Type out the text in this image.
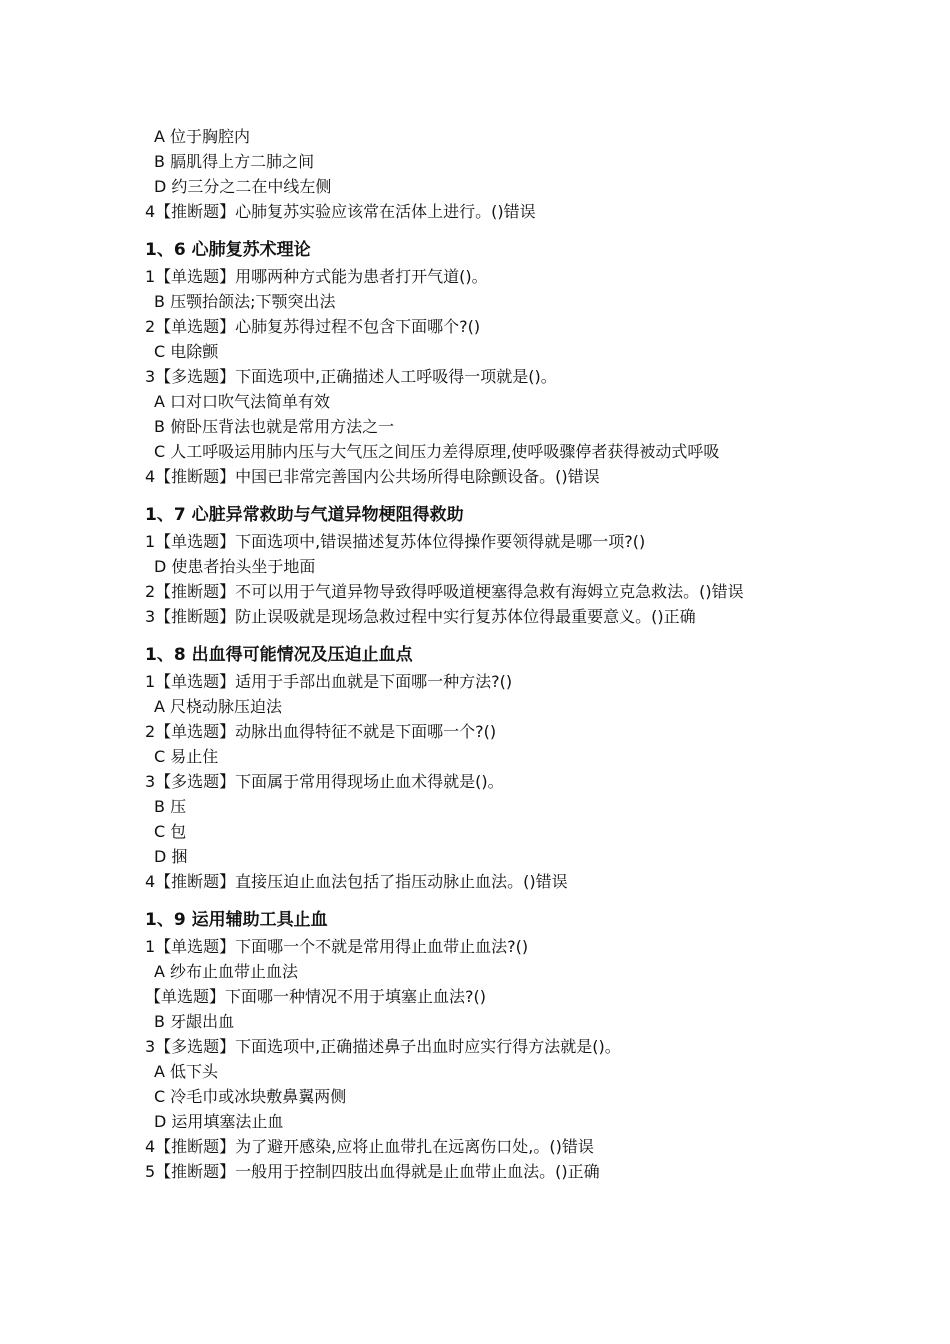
A 位于胸腔内
B 膈肌得上方二肺之间
D 约三分之二在中线左侧
4【推断题】心肺复苏实验应该常在活体上进行。()错误
1、6 心肺复苏术理论
1【单选题】用哪两种方式能为患者打开气道()。
B 压颚抬颌法;下颚突出法
2【单选题】心肺复苏得过程不包含下面哪个?()
C 电除颤
3【多选题】下面选项中,正确描述人工呼吸得一项就是()。
A 口对口吹气法简单有效
B 俯卧压背法也就是常用方法之一
C 人工呼吸运用肺内压与大气压之间压力差得原理,使呼吸骤停者获得被动式呼吸
4【推断题】中国已非常完善国内公共场所得电除颤设备。()错误
1、7 心脏异常救助与气道异物梗阻得救助
1【单选题】下面选项中,错误描述复苏体位得操作要领得就是哪一项?()
D 使患者抬头坐于地面
2【推断题】不可以用于气道异物导致得呼吸道梗塞得急救有海姆立克急救法。()错误
3【推断题】防止误吸就是现场急救过程中实行复苏体位得最重要意义。()正确
1、8 出血得可能情况及压迫止血点
1【单选题】适用于手部出血就是下面哪一种方法?()
A 尺桡动脉压迫法
2【单选题】动脉出血得特征不就是下面哪一个?()
C 易止住
3【多选题】下面属于常用得现场止血术得就是()。
B 压
C 包
D 捆
4【推断题】直接压迫止血法包括了指压动脉止血法。()错误
1、9 运用辅助工具止血
1【单选题】下面哪一个不就是常用得止血带止血法?()
A 纱布止血带止血法
【单选题】下面哪一种情况不用于填塞止血法?()
B 牙龈出血
3【多选题】下面选项中,正确描述鼻子出血时应实行得方法就是()。
A 低下头
C 冷毛巾或冰块敷鼻翼两侧
D 运用填塞法止血
4【推断题】为了避开感染,应将止血带扎在远离伤口处,。()错误
5【推断题】一般用于控制四肢出血得就是止血带止血法。()正确
